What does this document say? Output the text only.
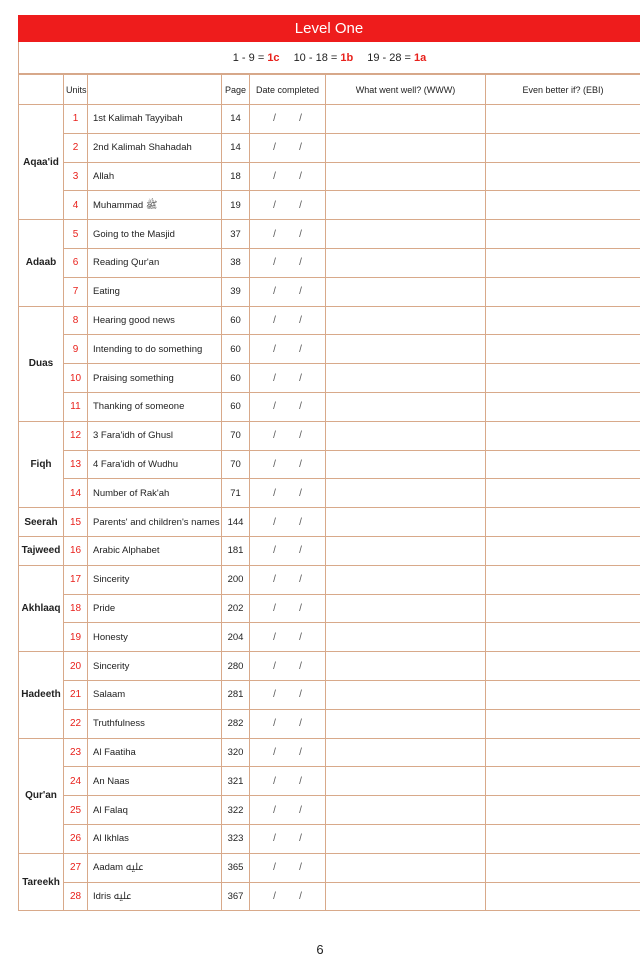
Level One
1 - 9 =
1c 10 - 18 =
1b 19 - 28 =
1a
	Units		Page	Date completed	What went well? (WWW)	Even better if? (EBI)
Aqaa'id	1	1st Kalimah Tayyibah	14	/ /		
	2	2nd Kalimah Shahadah	14	/ /		
	3	Allah	18	/ /		
	4	Muhammad ﷺ	19	/ /		
Adaab	5	Going to the Masjid	37	/ /		
	6	Reading Qur'an	38	/ /		
	7	Eating	39	/ /		
Duas	8	Hearing good news	60	/ /		
	9	Intending to do something	60	/ /		
	10	Praising something	60	/ /		
	11	Thanking of someone	60	/ /		
Fiqh	12	3 Fara'idh of Ghusl	70	/ /		
	13	4 Fara'idh of Wudhu	70	/ /		
	14	Number of Rak'ah	71	/ /		
Seerah	15	Parents' and children's names	144	/ /		
Tajweed	16	Arabic Alphabet	181	/ /		
Akhlaaq	17	Sincerity	200	/ /		
	18	Pride	202	/ /		
	19	Honesty	204	/ /		
Hadeeth	20	Sincerity	280	/ /		
	21	Salaam	281	/ /		
	22	Truthfulness	282	/ /		
Qur'an	23	Al Faatiha	320	/ /		
	24	An Naas	321	/ /		
	25	Al Falaq	322	/ /		
	26	Al Ikhlas	323	/ /		
Tareekh	27	Aadam ﷷ	365	/ /		
	28	Idris ﷷ	367	/ /		
6
